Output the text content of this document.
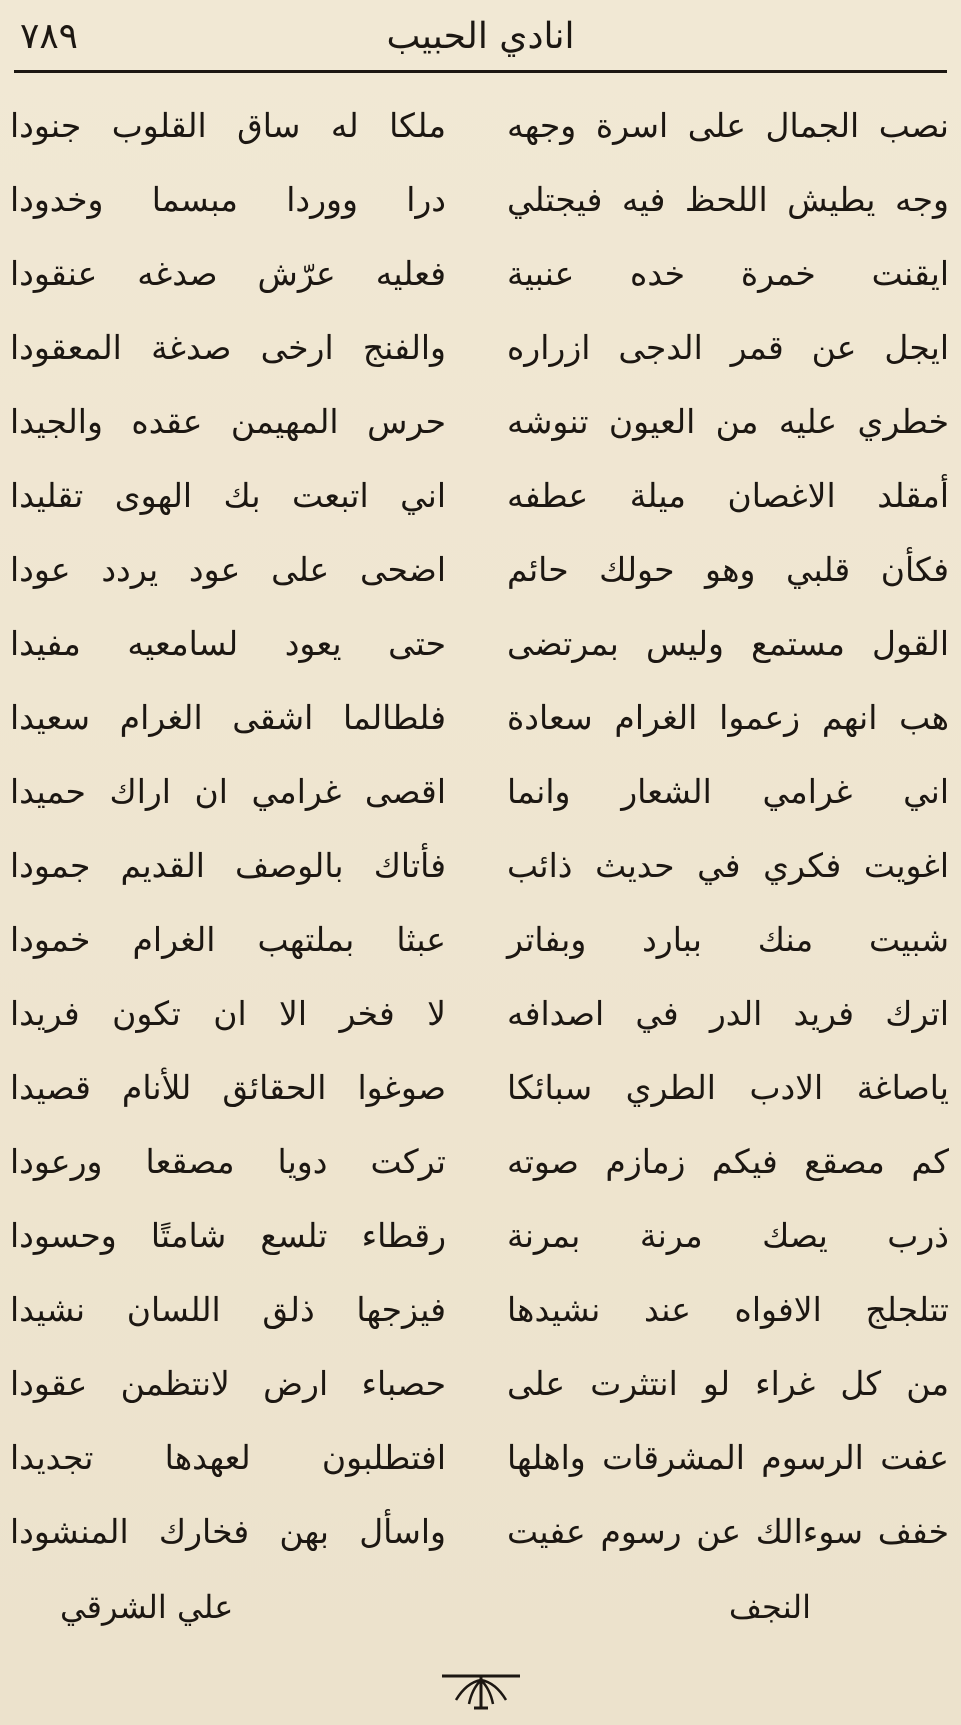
٧٨٩	انادي الحبيب
نصب الجمال على اسرة وجهه
ملكا له ساق القلوب جنودا
وجه يطيش اللحظ فيه فيجتلي
درا ووردا مبسما وخدودا
ايقنت خمرة خده عنبية
فعليه عرّش صدغه عنقودا
ايجل عن قمر الدجى ازراره
والفنج ارخى صدغة المعقودا
خطري عليه من العيون تنوشه
حرس المهيمن عقده والجيدا
أمقلد الاغصان ميلة عطفه
اني اتبعت بك الهوى تقليدا
فكأن قلبي وهو حولك حائم
اضحى على عود يردد عودا
القول مستمع وليس بمرتضى
حتى يعود لسامعيه مفيدا
هب انهم زعموا الغرام سعادة
فلطالما اشقى الغرام سعيدا
اني غرامي الشعار وانما
اقصى غرامي ان اراك حميدا
اغويت فكري في حديث ذائب
فأتاك بالوصف القديم جمودا
شبيت منك ببارد وبفاتر
عبثا بملتهب الغرام خمودا
اترك فريد الدر في اصدافه
لا فخر الا ان تكون فريدا
ياصاغة الادب الطري سبائكا
صوغوا الحقائق للأنام قصيدا
كم مصقع فيكم زمازم صوته
تركت دويا مصقعا ورعودا
ذرب يصك مرنة بمرنة
رقطاء تلسع شامتًا وحسودا
تتلجلج الافواه عند نشيدها
فيزجها ذلق اللسان نشيدا
من كل غراء لو انتثرت على
حصباء ارض لانتظمن عقودا
عفت الرسوم المشرقات واهلها
افتطلبون لعهدها تجديدا
خفف سوءالك عن رسوم عفيت
واسأل بهن فخارك المنشودا
النجف
علي الشرقي
